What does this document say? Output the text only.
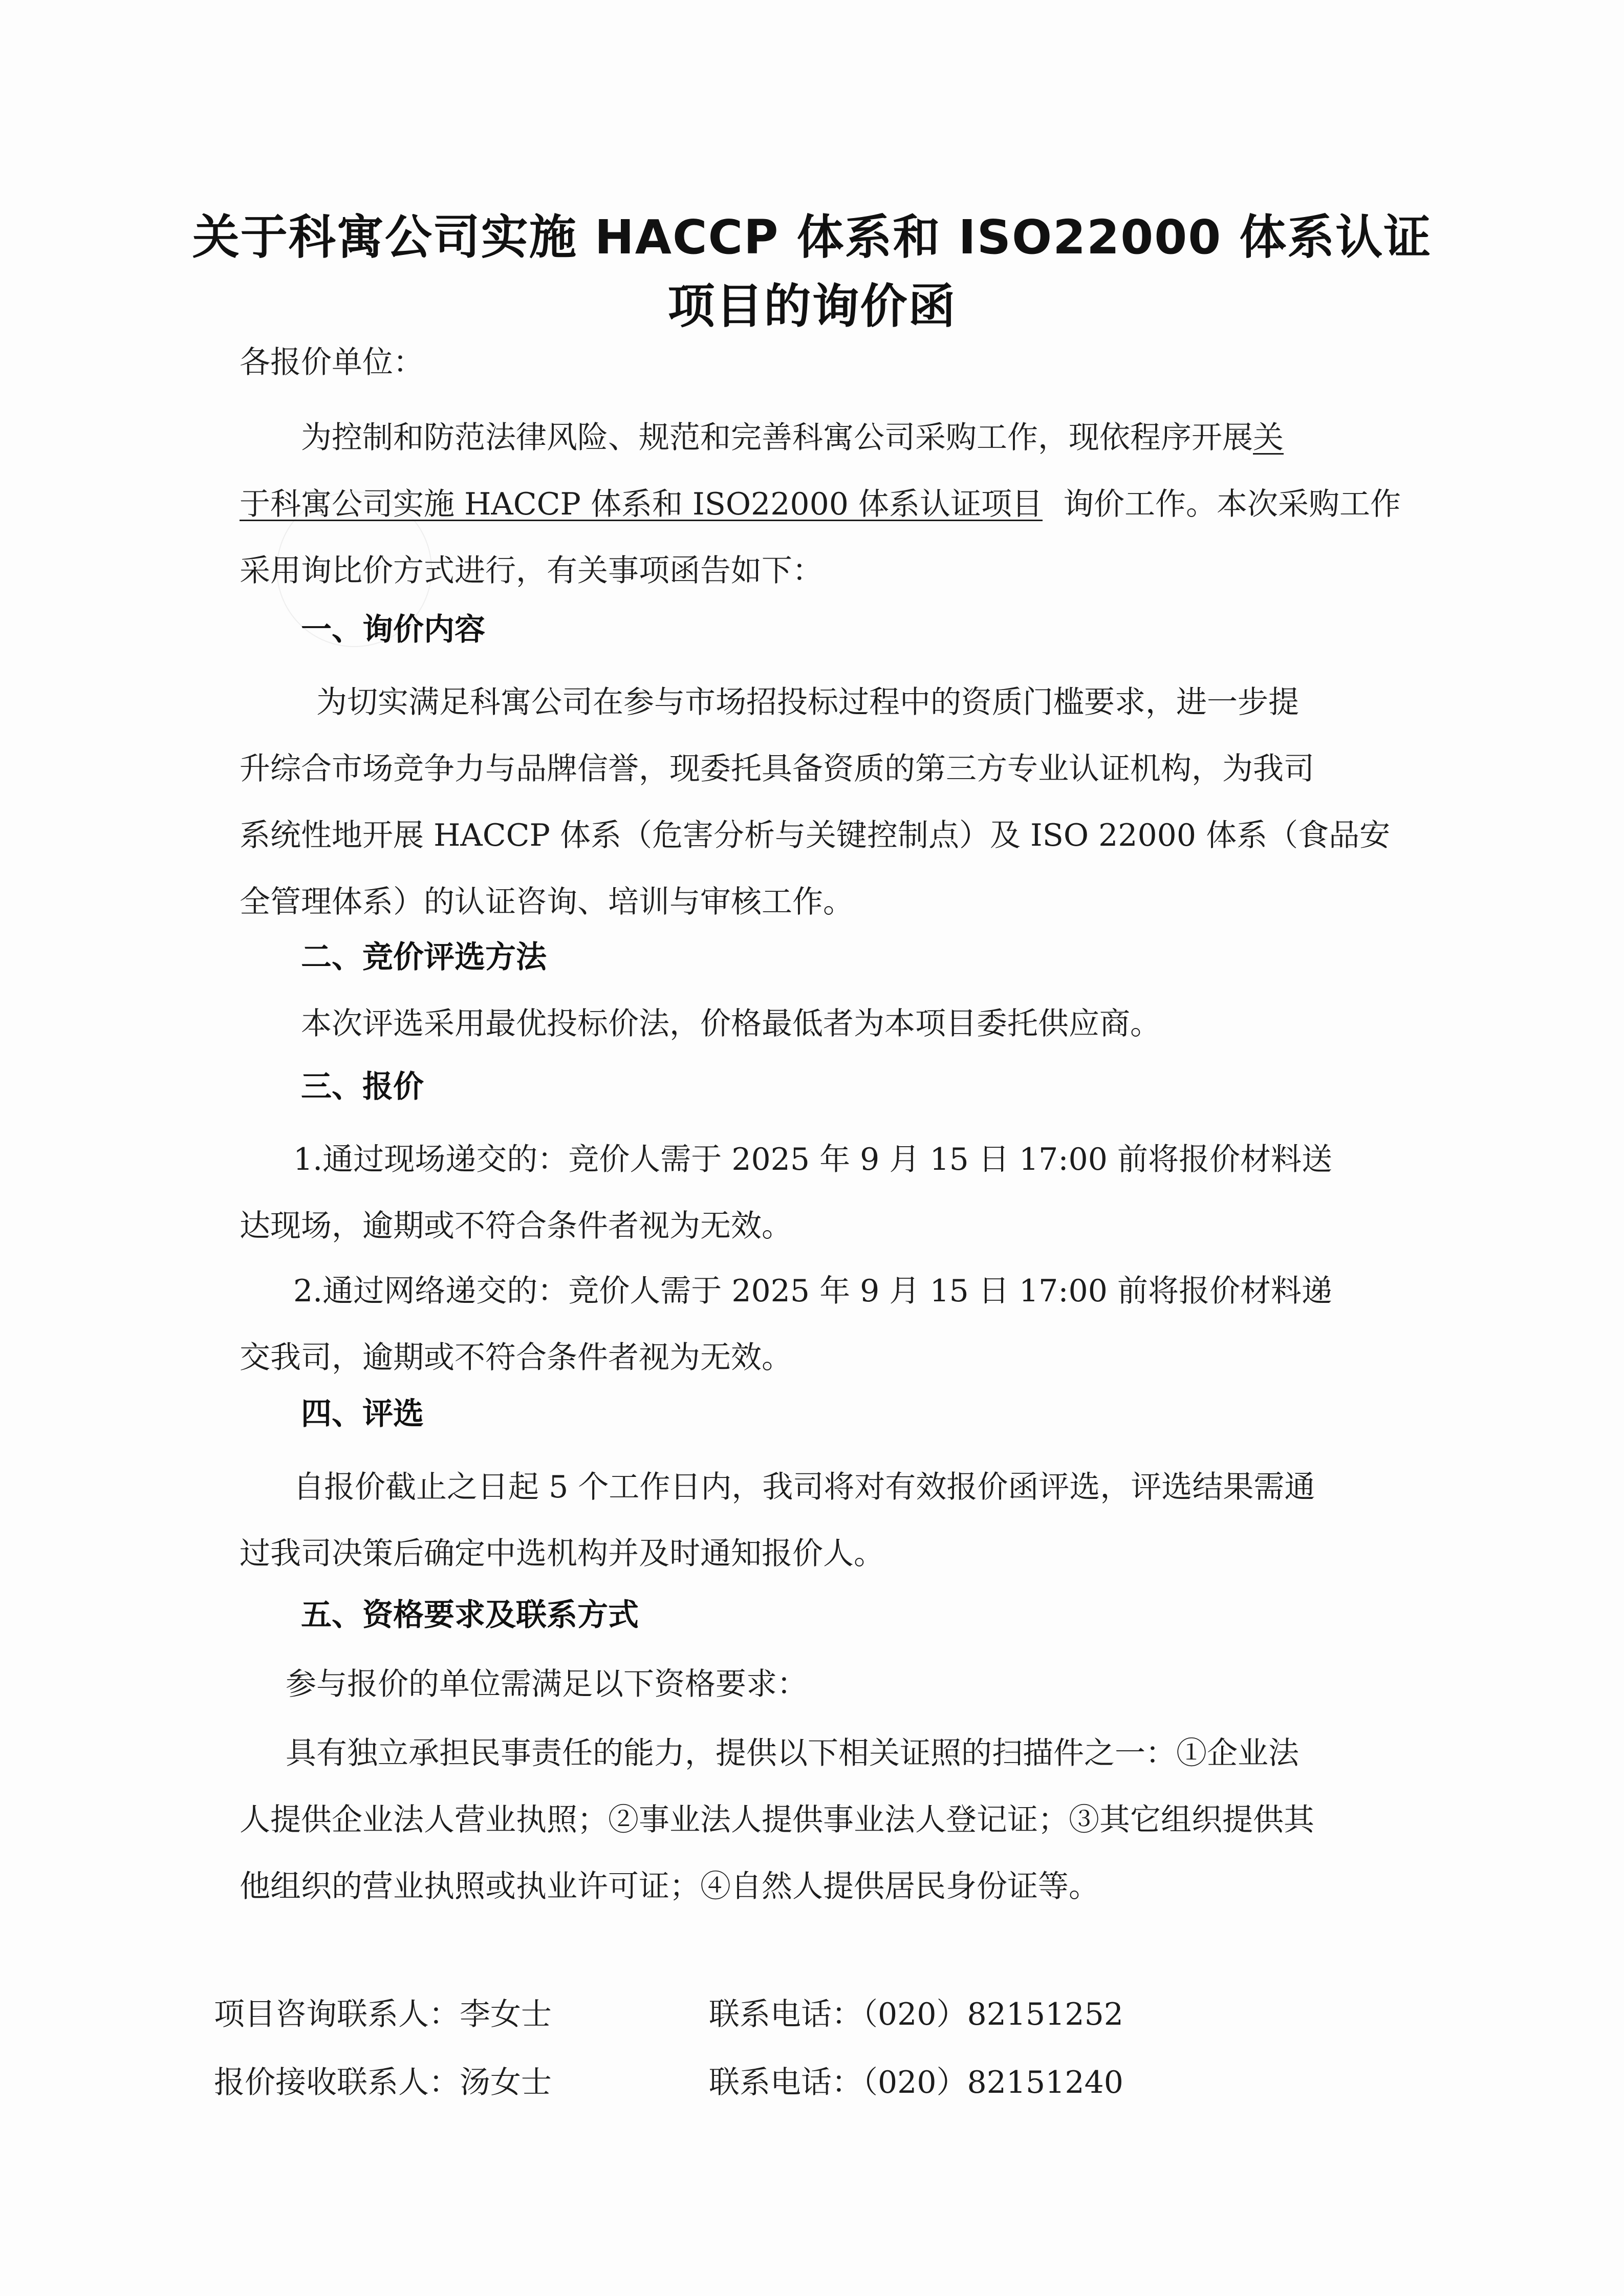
关于科寓公司实施 HACCP 体系和 ISO22000 体系认证
项目的询价函
各报价单位：
为控制和防范法律风险、规范和完善科寓公司采购工作，现依程序开展关
于科寓公司实施 HACCP 体系和 ISO22000 体系认证项目 询价工作。本次采购工作
采用询比价方式进行，有关事项函告如下：
一、询价内容
为切实满足科寓公司在参与市场招投标过程中的资质门槛要求，进一步提
升综合市场竞争力与品牌信誉，现委托具备资质的第三方专业认证机构，为我司
系统性地开展 HACCP 体系（危害分析与关键控制点）及 ISO 22000 体系（食品安
全管理体系）的认证咨询、培训与审核工作。
二、竞价评选方法
本次评选采用最优投标价法，价格最低者为本项目委托供应商。
三、报价
1.通过现场递交的：竞价人需于 2025 年 9 月 15 日 17:00 前将报价材料送
达现场，逾期或不符合条件者视为无效。
2.通过网络递交的：竞价人需于 2025 年 9 月 15 日 17:00 前将报价材料递
交我司，逾期或不符合条件者视为无效。
四、评选
自报价截止之日起 5 个工作日内，我司将对有效报价函评选，评选结果需通
过我司决策后确定中选机构并及时通知报价人。
五、资格要求及联系方式
参与报价的单位需满足以下资格要求：
具有独立承担民事责任的能力，提供以下相关证照的扫描件之一：①企业法
人提供企业法人营业执照；②事业法人提供事业法人登记证；③其它组织提供其
他组织的营业执照或执业许可证；④自然人提供居民身份证等。
项目咨询联系人：李女士	联系电话：（020）82151252
报价接收联系人：汤女士	联系电话：（020）82151240
